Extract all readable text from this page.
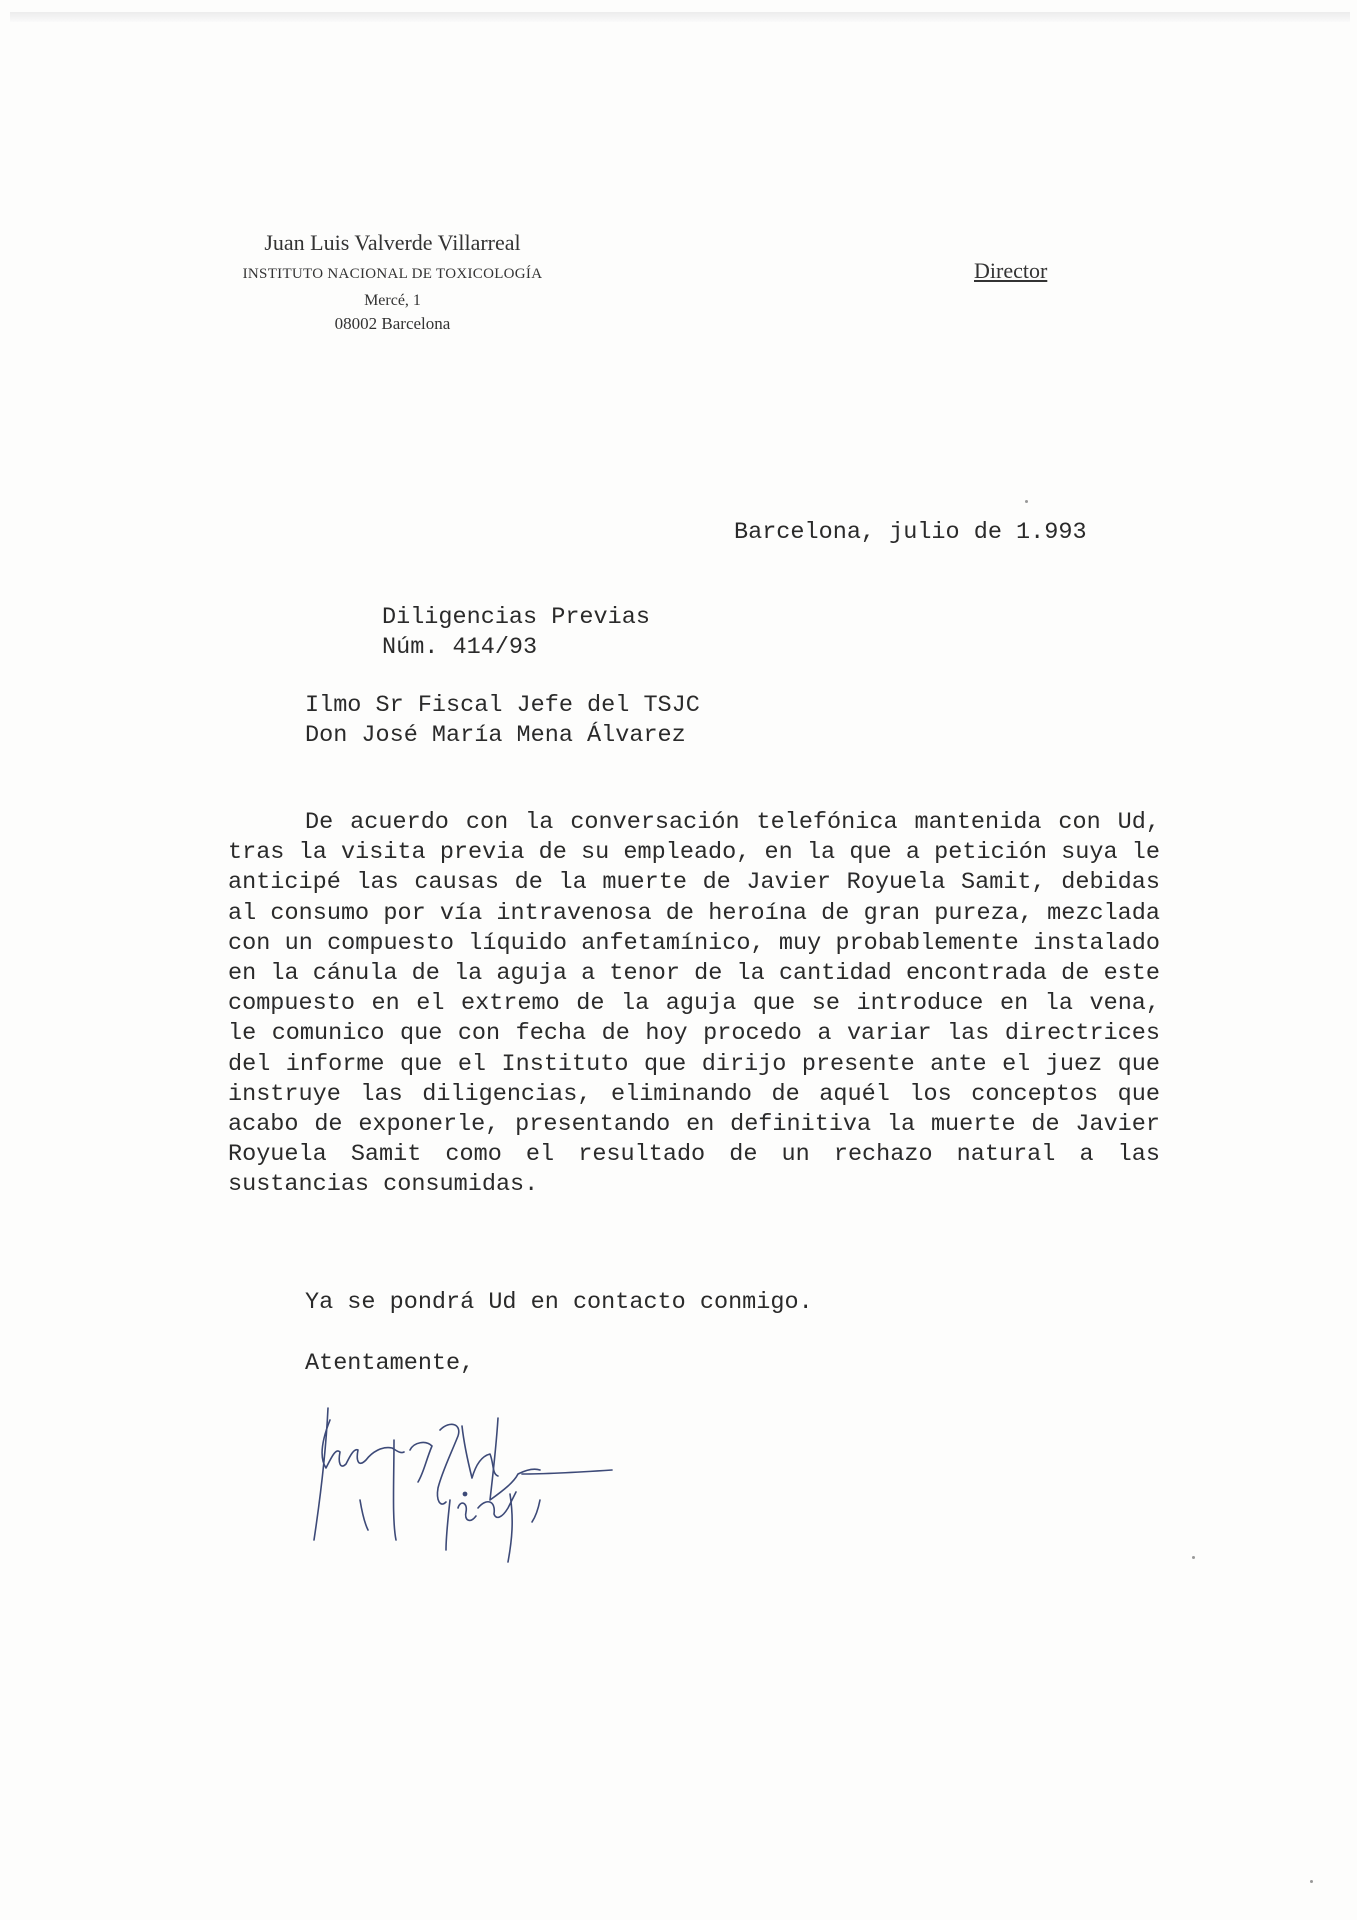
Juan Luis Valverde Villarreal
INSTITUTO NACIONAL DE TOXICOLOGÍA
Mercé, 1
08002 Barcelona
Director
Barcelona, julio de 1.993
Diligencias Previas
Núm. 414/93
Ilmo Sr Fiscal Jefe del TSJC
Don José María Mena Álvarez
De acuerdo con la conversación telefónica mantenida con Ud, tras la visita previa de su empleado, en la que a petición suya le anticipé las causas de la muerte de Javier Royuela Samit, debidas al consumo por vía intravenosa de heroína de gran pureza, mezclada con un compuesto líquido anfetamínico, muy probablemente instalado en la cánula de la aguja a tenor de la cantidad encontrada de este compuesto en el extremo de la aguja que se introduce en la vena, le comunico que con fecha de hoy procedo a variar las directrices del informe que el Instituto que dirijo presente ante el juez que instruye las diligencias, eliminando de aquél los conceptos que acabo de exponerle, presentando en definitiva la muerte de Javier Royuela Samit como el resultado de un rechazo natural a las sustancias consumidas.
Ya se pondrá Ud en contacto conmigo.
Atentamente,
